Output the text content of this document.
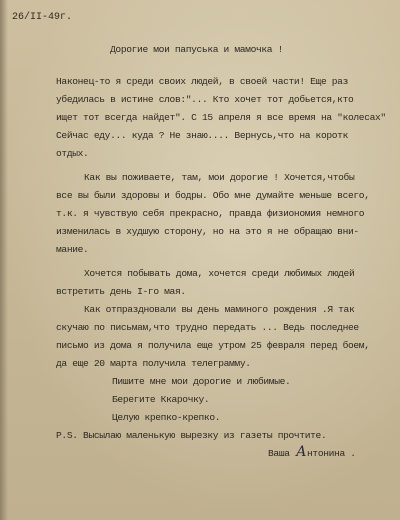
26/II-49г.

Дорогие мои папуська и мамочка !

Наконец-то я среди своих людей, в своей части! Еще раз

убедилась в истине слов:"... Кто хочет тот добьется,кто

ищет тот всегда найдет". С 15 апреля я все время на "колесах"

Сейчас еду... куда ? Не знаю.... Вернусь,что на коротк

отдых.

Как вы поживаете, там, мои дорогие ! Хочется,чтобы

все вы были здоровы и бодры. Обо мне думайте меньше всего,

т.к. я чувствую себя прекрасно, правда физиономия немного

изменилась в худшую сторону, но на это я не обращаю вни-

мание.

Хочется побывать дома, хочется среди любимых людей

встретить день I-го мая.

Как отпраздновали вы день маминого рождения .Я так

скучаю по письмам,что трудно передать ... Ведь последнее

письмо из дома я получила еще утром 25 февраля перед боем,

да еще 20 марта получила телеграмму.

Пишите мне мои дорогие и любимые.

Берегите Ккарочку.

Целую крепко-крепко.

Р.S. Высылаю маленькую вырезку из газеты прочтите.

Ваша А нтонина .
